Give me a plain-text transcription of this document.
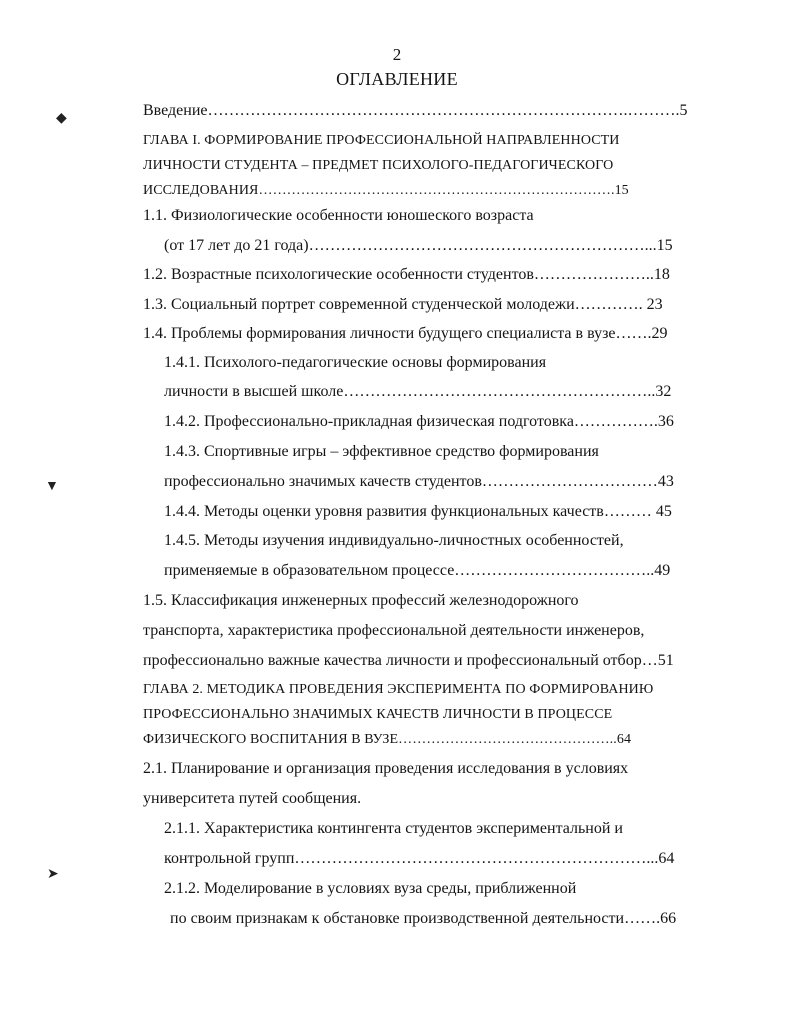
2
ОГЛАВЛЕНИЕ
Введение…………………………………………………………………….……….5
ГЛАВА I. ФОРМИРОВАНИЕ ПРОФЕССИОНАЛЬНОЙ НАПРАВЛЕННОСТИ
ЛИЧНОСТИ СТУДЕНТА – ПРЕДМЕТ ПСИХОЛОГО-ПЕДАГОГИЧЕСКОГО
ИССЛЕДОВАНИЯ………………………………………………………………….15
1.1. Физиологические особенности юношеского возраста
(от 17 лет до 21 года)………………………………………………………...15
1.2. Возрастные психологические особенности студентов…………………..18
1.3. Социальный портрет современной студенческой молодежи…………. 23
1.4. Проблемы формирования личности будущего специалиста в вузе…….29
1.4.1. Психолого-педагогические основы формирования
личности в высшей школе…………………………………………………..32
1.4.2. Профессионально-прикладная физическая подготовка…………….36
1.4.3. Спортивные игры – эффективное средство формирования
профессионально значимых качеств студентов……………………………43
1.4.4. Методы оценки уровня развития функциональных качеств……… 45
1.4.5. Методы изучения индивидуально-личностных особенностей,
применяемые в образовательном процессе………………………………..49
1.5. Классификация инженерных профессий железнодорожного
транспорта, характеристика профессиональной деятельности инженеров,
профессионально важные качества личности и профессиональный отбор…51
ГЛАВА 2. МЕТОДИКА ПРОВЕДЕНИЯ ЭКСПЕРИМЕНТА ПО ФОРМИРОВАНИЮ
ПРОФЕССИОНАЛЬНО ЗНАЧИМЫХ КАЧЕСТВ ЛИЧНОСТИ В ПРОЦЕССЕ
ФИЗИЧЕСКОГО ВОСПИТАНИЯ В ВУЗЕ………………………………………..64
2.1. Планирование и организация проведения исследования в условиях
университета путей сообщения.
2.1.1. Характеристика контингента студентов экспериментальной и
контрольной групп…………………………………………………………...64
2.1.2. Моделирование в условиях вуза среды, приближенной
по своим признакам к обстановке производственной деятельности…….66
◆
▼
➤
